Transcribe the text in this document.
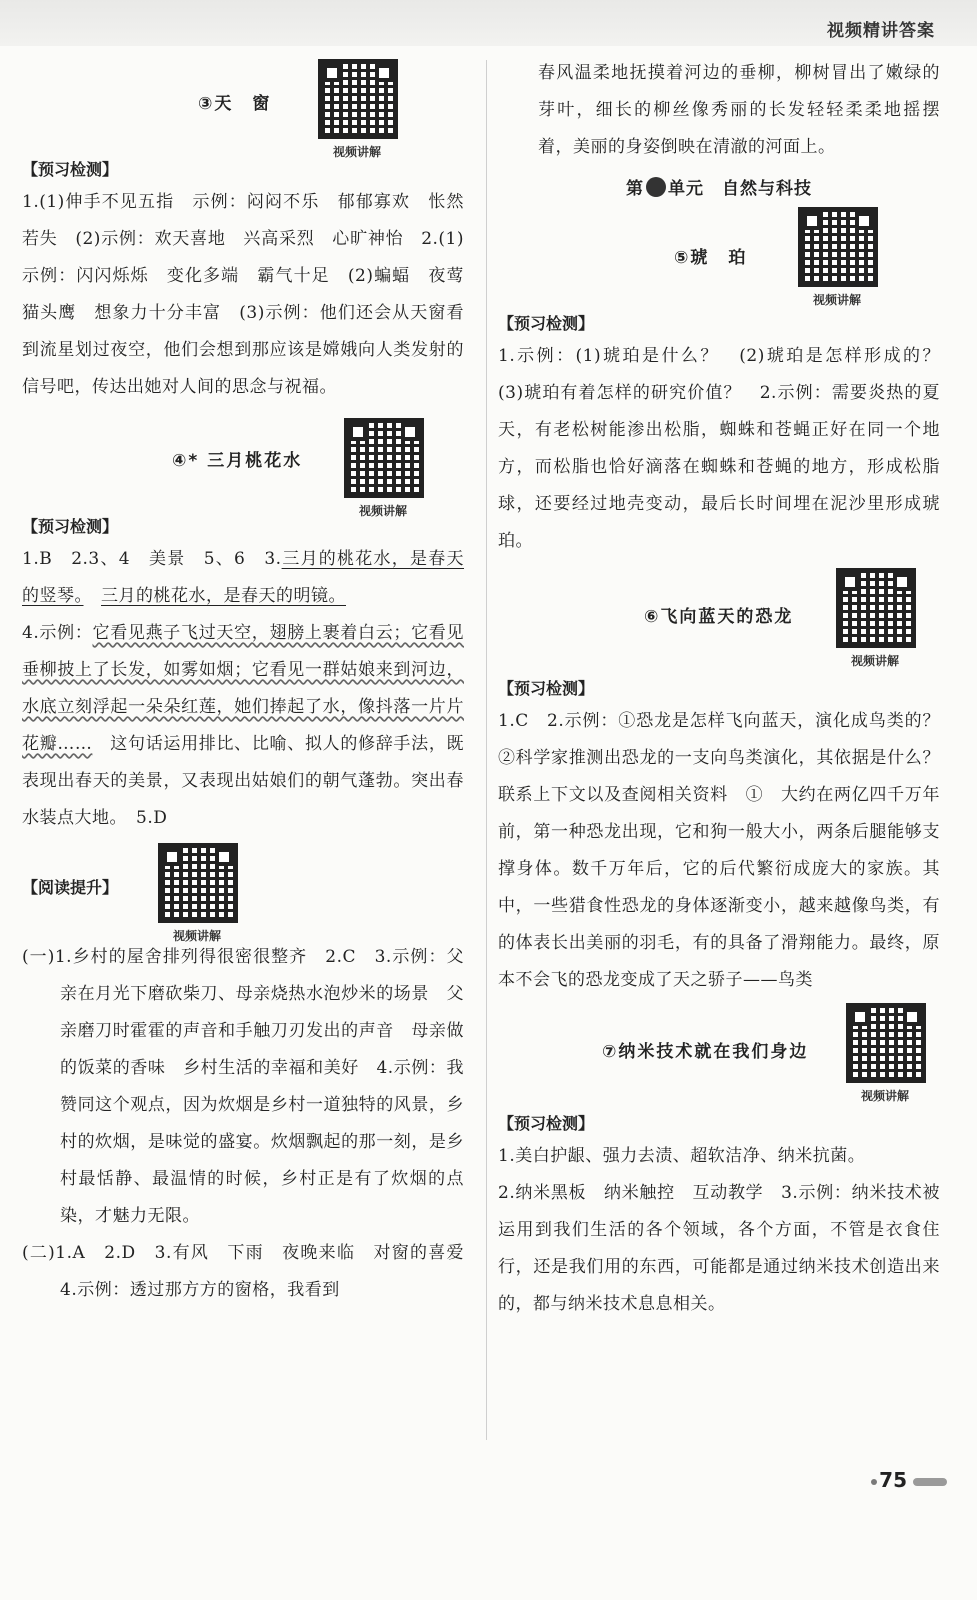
视频精讲答案
③天　窗
视频讲解
【预习检测】

1.(1)伸手不见五指　示例：闷闷不乐　郁郁寡欢　怅然若失　(2)示例：欢天喜地　兴高采烈　心旷神怡　2.(1)示例：闪闪烁烁　变化多端　霸气十足　(2)蝙蝠　夜莺　猫头鹰　想象力十分丰富　(3)示例：他们还会从天窗看到流星划过夜空，他们会想到那应该是嫦娥向人类发射的信号吧，传达出她对人间的思念与祝福。

④* 三月桃花水
视频讲解
【预习检测】

1.B　2.3、4　美景　5、6　3.三月的桃花水，是春天的竖琴。　 三月的桃花水，是春天的明镜。

4.示例：它看见燕子飞过天空，翅膀上裹着白云；它看见垂柳披上了长发，如雾如烟；它看见一群姑娘来到河边，水底立刻浮起一朵朵红莲，她们捧起了水，像抖落一片片花瓣……　这句话运用排比、比喻、拟人的修辞手法，既表现出春天的美景，又表现出姑娘们的朝气蓬勃。突出春水装点大地。　5.D

【阅读提升】
视频讲解

(一)1.乡村的屋舍排列得很密很整齐　2.C　3.示例：父亲在月光下磨砍柴刀、母亲烧热水泡炒米的场景　父亲磨刀时霍霍的声音和手触刀刃发出的声音　母亲做的饭菜的香味　乡村生活的幸福和美好　4.示例：我赞同这个观点，因为炊烟是乡村一道独特的风景，乡村的炊烟，是味觉的盛宴。炊烟飘起的那一刻，是乡村最恬静、最温情的时候，乡村正是有了炊烟的点染，才魅力无限。

(二)1.A　2.D　3.有风　下雨　夜晚来临　对窗的喜爱　4.示例：透过那方方的窗格，我看到

春风温柔地抚摸着河边的垂柳，柳树冒出了嫩绿的芽叶，细长的柳丝像秀丽的长发轻轻柔柔地摇摆着，美丽的身姿倒映在清澈的河面上。

第 单元　自然与科技
⑤琥　珀
视频讲解
【预习检测】

1.示例：(1)琥珀是什么？　(2)琥珀是怎样形成的？　(3)琥珀有着怎样的研究价值？　2.示例：需要炎热的夏天，有老松树能渗出松脂，蜘蛛和苍蝇正好在同一个地方，而松脂也恰好滴落在蜘蛛和苍蝇的地方，形成松脂球，还要经过地壳变动，最后长时间埋在泥沙里形成琥珀。

⑥飞向蓝天的恐龙
视频讲解
【预习检测】

1.C　2.示例：①恐龙是怎样飞向蓝天，演化成鸟类的？　②科学家推测出恐龙的一支向鸟类演化，其依据是什么？　联系上下文以及查阅相关资料　①　大约在两亿四千万年前，第一种恐龙出现，它和狗一般大小，两条后腿能够支撑身体。数千万年后，它的后代繁衍成庞大的家族。其中，一些猎食性恐龙的身体逐渐变小，越来越像鸟类，有的体表长出美丽的羽毛，有的具备了滑翔能力。最终，原本不会飞的恐龙变成了天之骄子——鸟类

⑦纳米技术就在我们身边
视频讲解
【预习检测】

1.美白护龈、强力去渍、超软洁净、纳米抗菌。

2.纳米黑板　纳米触控　互动教学　3.示例：纳米技术被运用到我们生活的各个领域，各个方面，不管是衣食住行，还是我们用的东西，可能都是通过纳米技术创造出来的，都与纳米技术息息相关。

75
